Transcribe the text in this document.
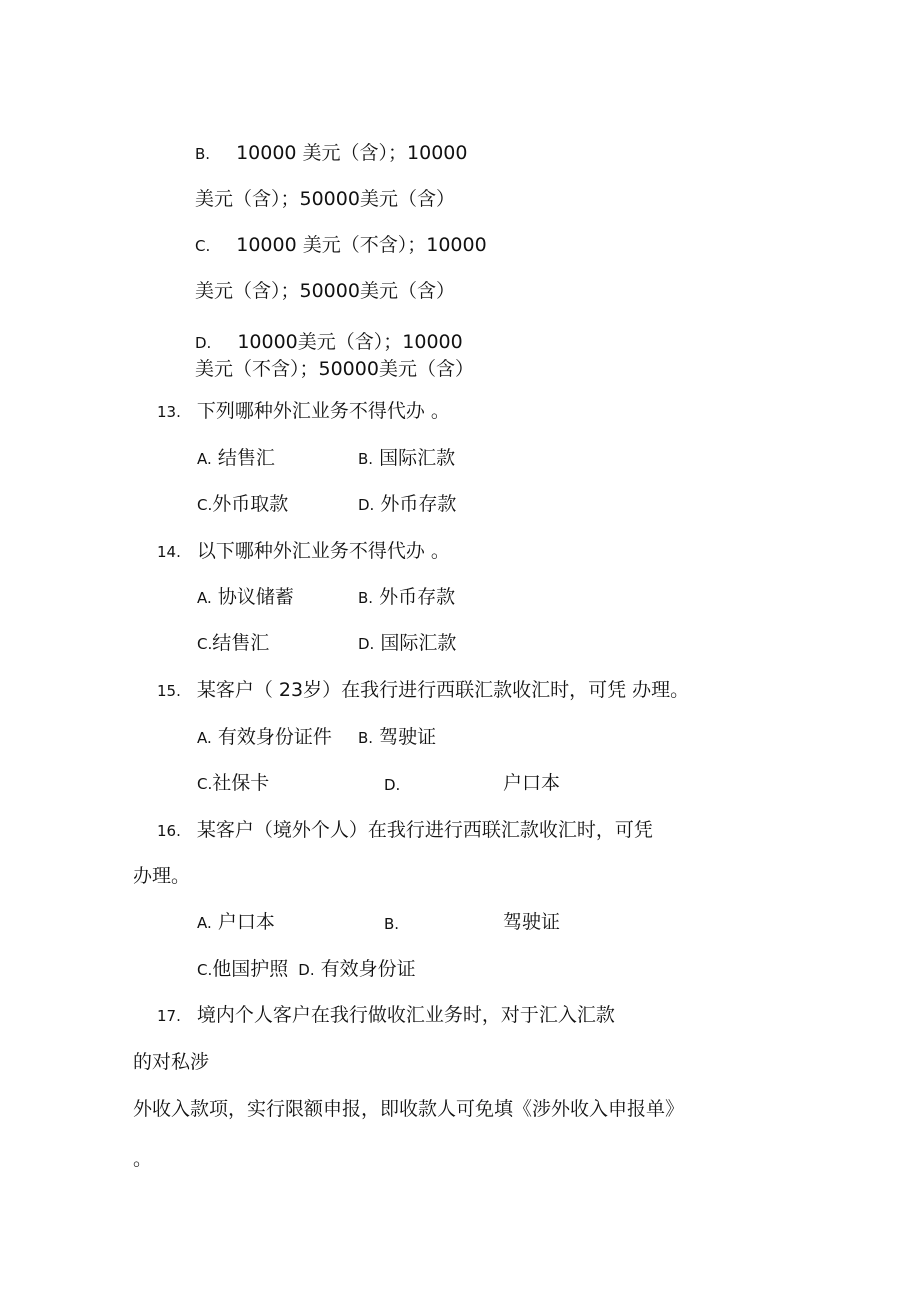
B. 10000 美元（含）；10000
美元（含）；50000美元（含）
C. 10000 美元（不含）；10000
美元（含）；50000美元（含）
D. 10000美元（含）；10000
美元（不含）；50000美元（含）
13. 下列哪种外汇业务不得代办 。
A. 结售汇	B. 国际汇款
C.外币取款	D. 外币存款
14. 以下哪种外汇业务不得代办 。
A. 协议储蓄	B. 外币存款
C.结售汇	D. 国际汇款
15. 某客户（ 23岁）在我行进行西联汇款收汇时，可凭 办理。
A. 有效身份证件 B. 驾驶证
C.社保卡	D.	户口本
16. 某客户（境外个人）在我行进行西联汇款收汇时，可凭
办理。
A. 户口本	B.	驾驶证
C.他国护照 D. 有效身份证
17. 境内个人客户在我行做收汇业务时，对于汇入汇款
的对私涉
外收入款项，实行限额申报，即收款人可免填《涉外收入申报单》
。
